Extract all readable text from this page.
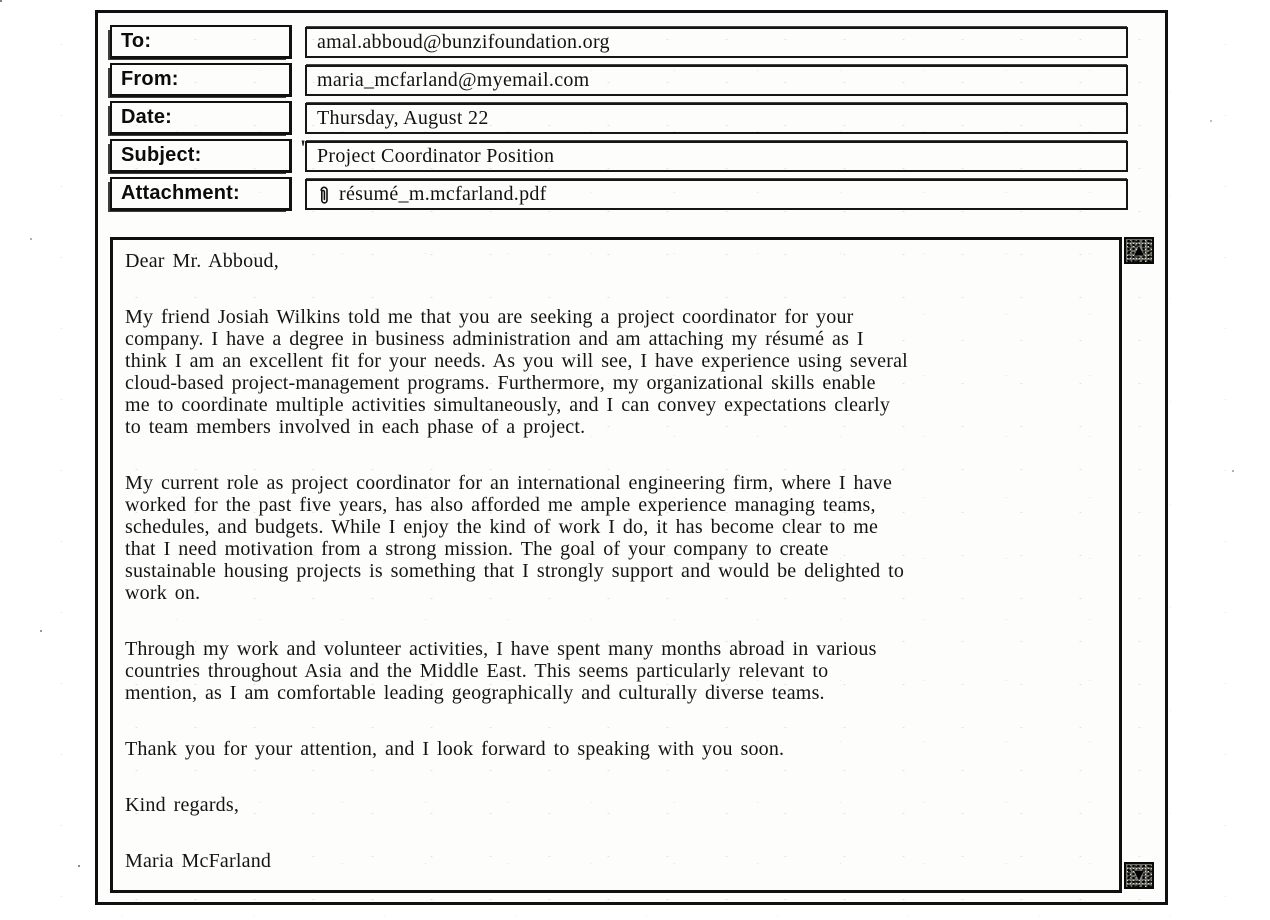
To:	amal.abboud@bunzifoundation.org
From:	maria_mcfarland@myemail.com
Date:	Thursday, August 22
Subject:	' Project Coordinator Position
Attachment:	résumé_m.mcfarland.pdf

Dear Mr. Abboud,

My friend Josiah Wilkins told me that you are seeking a project coordinator for your
company. I have a degree in business administration and am attaching my résumé as I
think I am an excellent fit for your needs. As you will see, I have experience using several
cloud-based project-management programs. Furthermore, my organizational skills enable
me to coordinate multiple activities simultaneously, and I can convey expectations clearly
to team members involved in each phase of a project.

My current role as project coordinator for an international engineering firm, where I have
worked for the past five years, has also afforded me ample experience managing teams,
schedules, and budgets. While I enjoy the kind of work I do, it has become clear to me
that I need motivation from a strong mission. The goal of your company to create
sustainable housing projects is something that I strongly support and would be delighted to
work on.

Through my work and volunteer activities, I have spent many months abroad in various
countries throughout Asia and the Middle East. This seems particularly relevant to
mention, as I am comfortable leading geographically and culturally diverse teams.

Thank you for your attention, and I look forward to speaking with you soon.

Kind regards,

Maria McFarland

▲
▼
